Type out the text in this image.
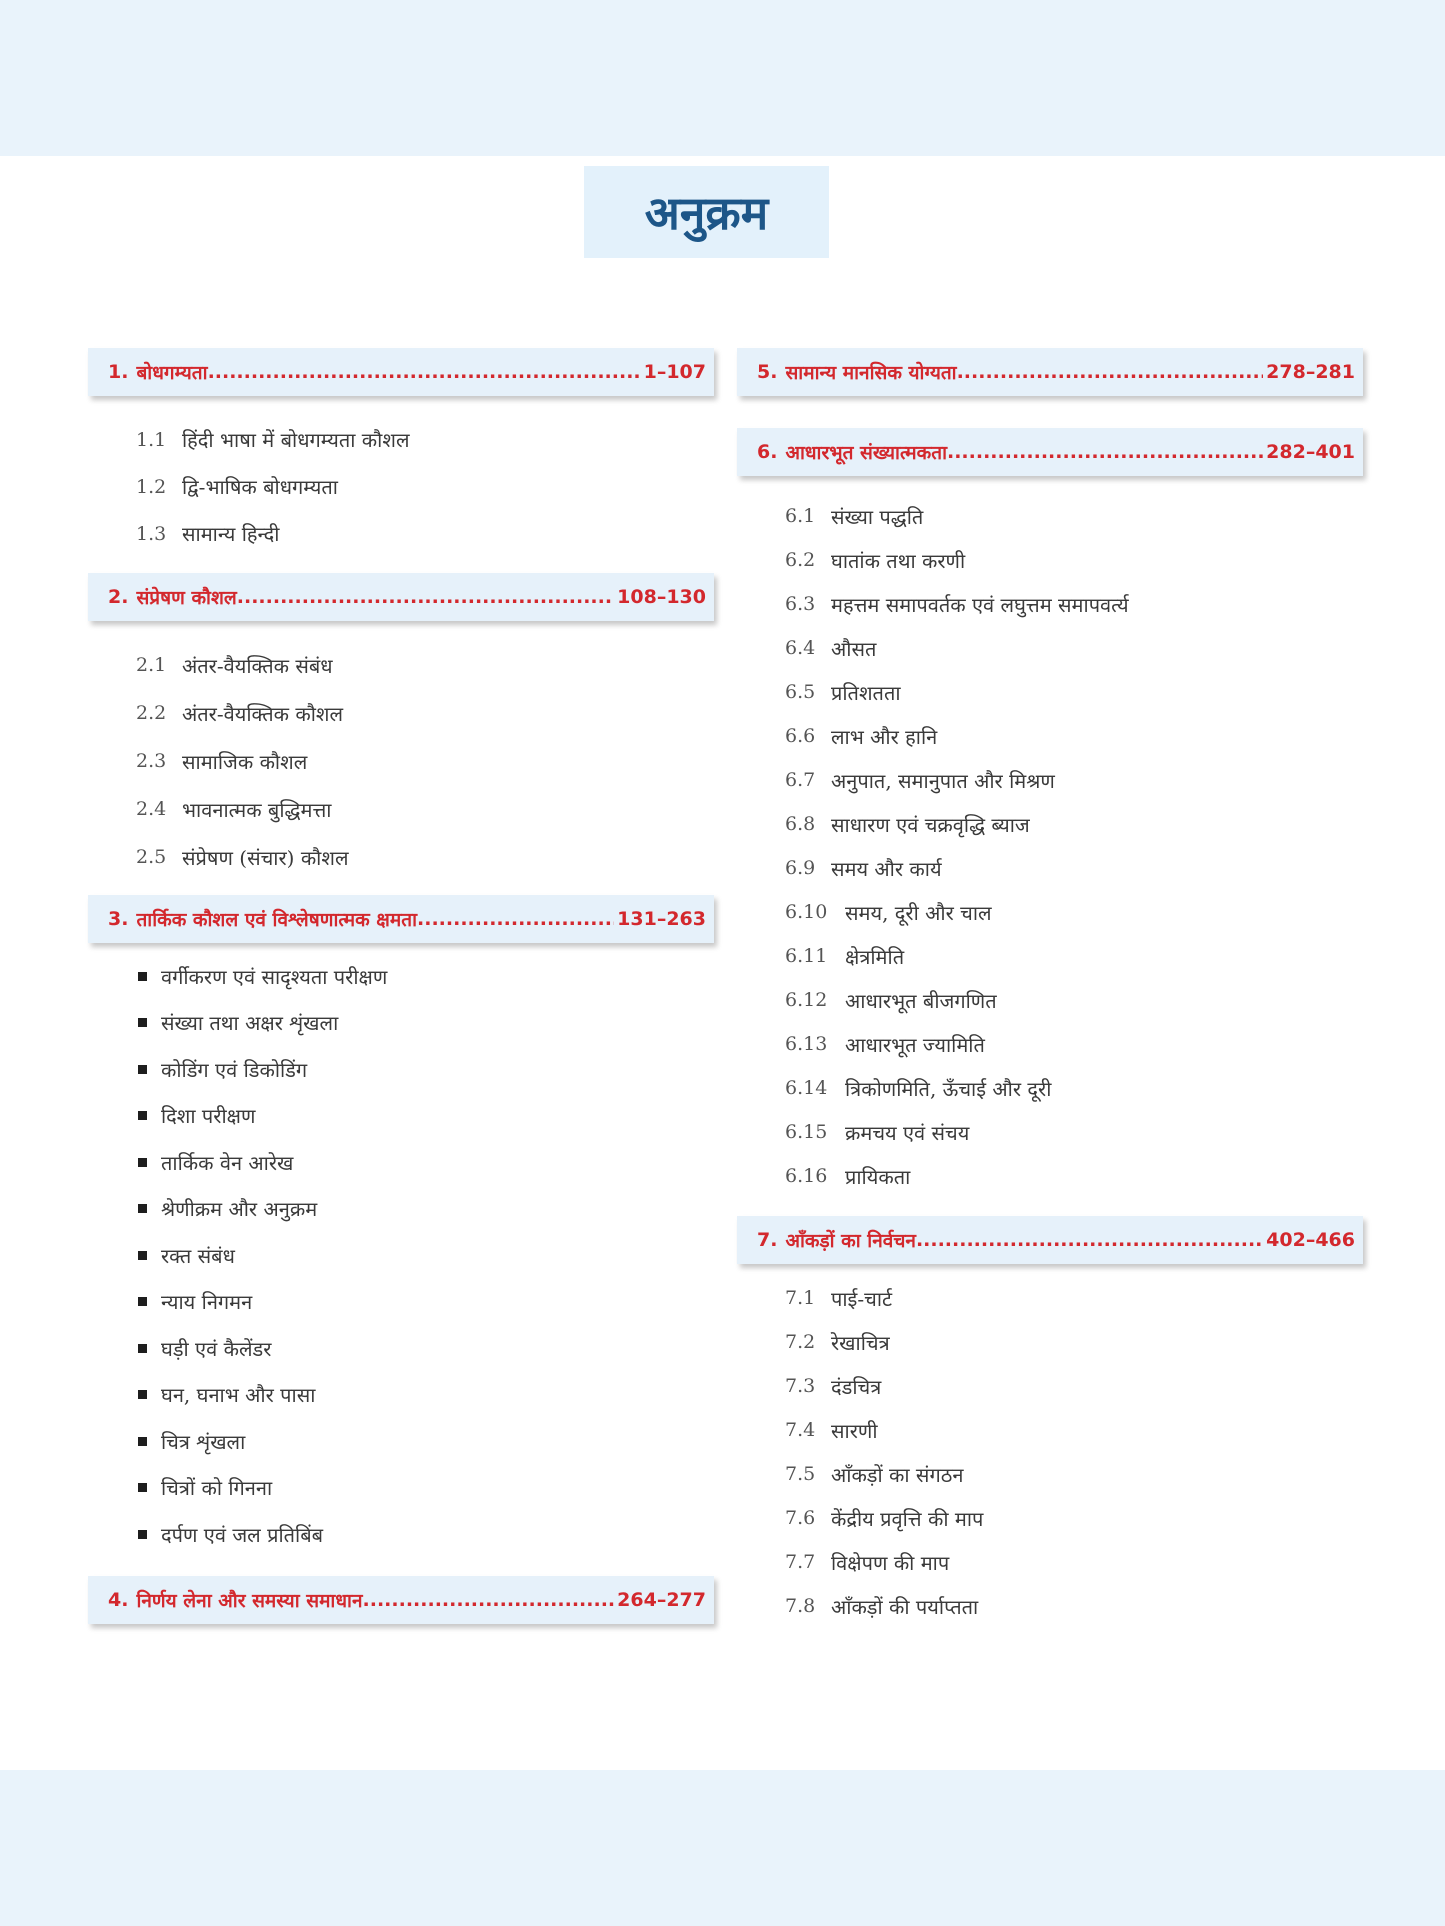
अनुक्रम
1. बोधगम्यता .....	1–107
1.1 हिंदी भाषा में बोधगम्यता कौशल
1.2 द्वि-भाषिक बोधगम्यता
1.3 सामान्य हिन्दी
2. संप्रेषण कौशल .....	108–130
2.1 अंतर-वैयक्तिक संबंध
2.2 अंतर-वैयक्तिक कौशल
2.3 सामाजिक कौशल
2.4 भावनात्मक बुद्धिमत्ता
2.5 संप्रेषण (संचार) कौशल
3. तार्किक कौशल एवं विश्लेषणात्मक क्षमता .....	131–263
वर्गीकरण एवं सादृश्यता परीक्षण
संख्या तथा अक्षर शृंखला
कोडिंग एवं डिकोडिंग
दिशा परीक्षण
तार्किक वेन आरेख
श्रेणीक्रम और अनुक्रम
रक्त संबंध
न्याय निगमन
घड़ी एवं कैलेंडर
घन, घनाभ और पासा
चित्र शृंखला
चित्रों को गिनना
दर्पण एवं जल प्रतिबिंब
4. निर्णय लेना और समस्या समाधान .....	264–277
5. सामान्य मानसिक योग्यता .....	278–281
6. आधारभूत संख्यात्मकता .....	282–401
6.1 संख्या पद्धति
6.2 घातांक तथा करणी
6.3 महत्तम समापवर्तक एवं लघुत्तम समापवर्त्य
6.4 औसत
6.5 प्रतिशतता
6.6 लाभ और हानि
6.7 अनुपात, समानुपात और मिश्रण
6.8 साधारण एवं चक्रवृद्धि ब्याज
6.9 समय और कार्य
6.10 समय, दूरी और चाल
6.11 क्षेत्रमिति
6.12 आधारभूत बीजगणित
6.13 आधारभूत ज्यामिति
6.14 त्रिकोणमिति, ऊँचाई और दूरी
6.15 क्रमचय एवं संचय
6.16 प्रायिकता
7. आँकड़ों का निर्वचन .....	402–466
7.1 पाई-चार्ट
7.2 रेखाचित्र
7.3 दंडचित्र
7.4 सारणी
7.5 आँकड़ों का संगठन
7.6 केंद्रीय प्रवृत्ति की माप
7.7 विक्षेपण की माप
7.8 आँकड़ों की पर्याप्तता
